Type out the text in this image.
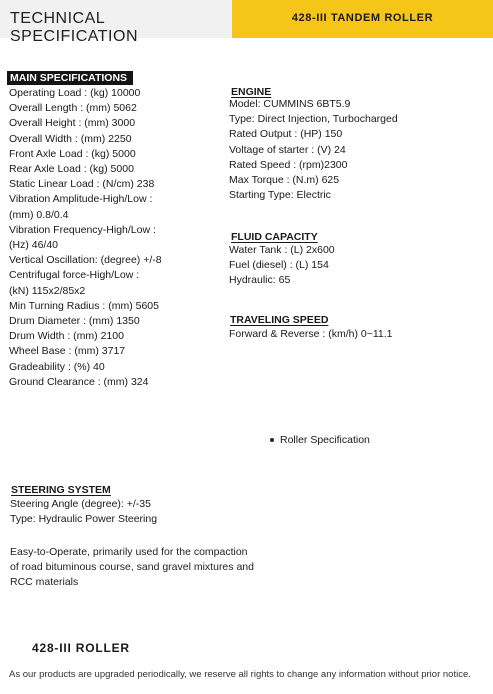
TECHNICAL SPECIFICATION
428-III TANDEM ROLLER
MAIN SPECIFICATIONS
Operating Load : (kg) 10000
Overall Length : (mm) 5062
Overall Height : (mm) 3000
Overall Width : (mm) 2250
Front Axle Load : (kg) 5000
Rear Axle Load : (kg) 5000
Static Linear Load : (N/cm) 238
Vibration Amplitude-High/Low :
(mm) 0.8/0.4
Vibration Frequency-High/Low :
(Hz) 46/40
Vertical Oscillation: (degree) +/-8
Centrifugal force-High/Low :
(kN) 115x2/85x2
Min Turning Radius : (mm) 5605
Drum Diameter : (mm) 1350
Drum Width : (mm) 2100
Wheel Base : (mm) 3717
Gradeability : (%) 40
Ground Clearance : (mm) 324
ENGINE
Model: CUMMINS 6BT5.9
Type: Direct Injection, Turbocharged
Rated Output : (HP) 150
Voltage of starter : (V) 24
Rated Speed : (rpm)2300
Max Torque : (N.m) 625
Starting Type: Electric
FLUID CAPACITY
Water Tank : (L) 2x600
Fuel (diesel) : (L) 154
Hydraulic: 65
TRAVELING SPEED
Forward & Reverse : (km/h) 0~11.1
Roller Specification
STEERING SYSTEM
Steering Angle (degree): +/-35
Type: Hydraulic Power Steering
Easy-to-Operate, primarily used for the compaction
of road bituminous course, sand gravel mixtures and
RCC materials
428-III ROLLER
As our products are upgraded periodically, we reserve all rights to change any information without prior notice.
